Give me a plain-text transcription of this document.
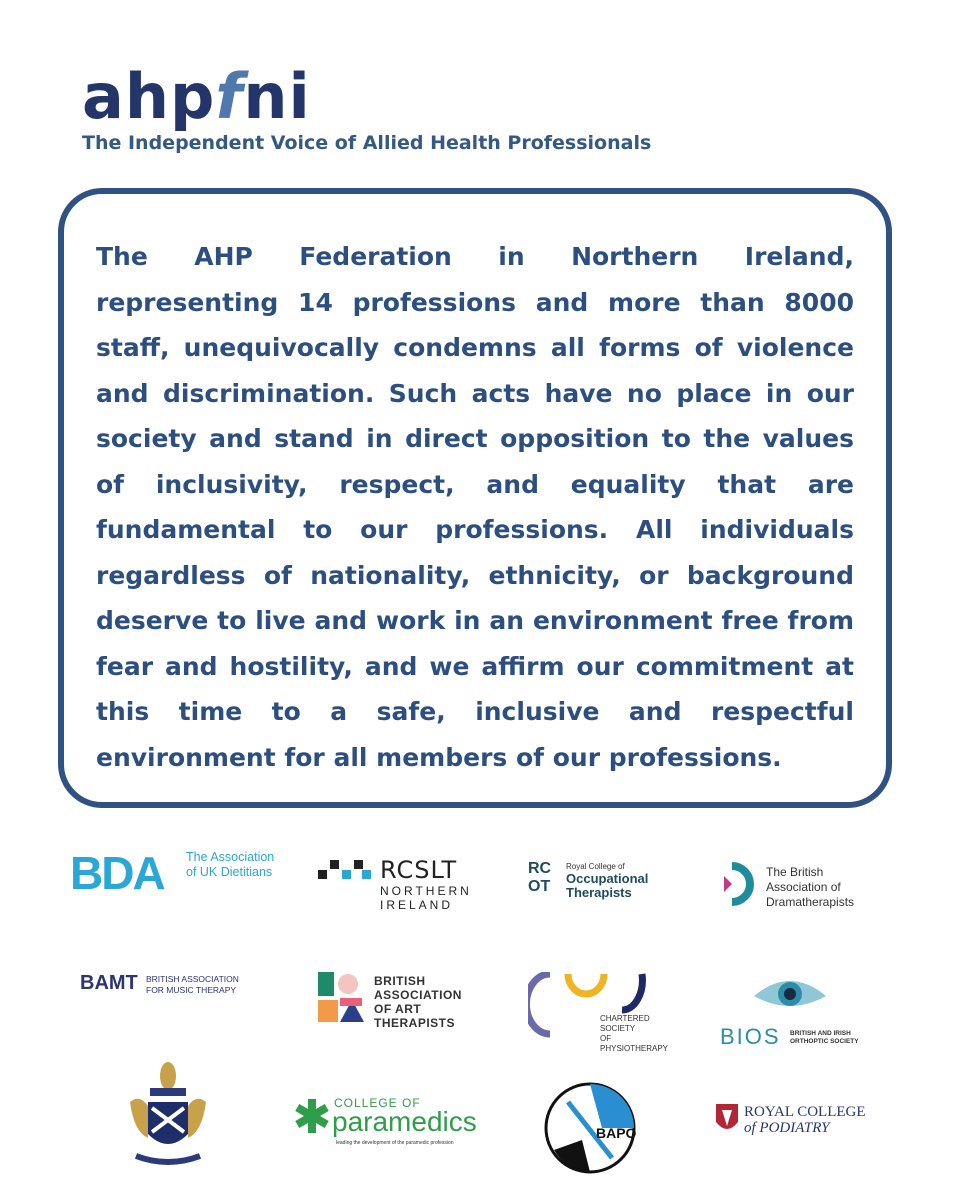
ahpfni
The Independent Voice of Allied Health Professionals

The AHP Federation in Northern Ireland, representing 14 professions and more than 8000 staff, unequivocally condemns all forms of violence and discrimination. Such acts have no place in our society and stand in direct opposition to the values of inclusivity, respect, and equality that are fundamental to our professions. All individuals regardless of nationality, ethnicity, or background deserve to live and work in an environment free from fear and hostility, and we affirm our commitment at this time to a safe, inclusive and respectful environment for all members of our professions.

BDA The Association
of UK Dietitians	RCSLT
NORTHERN
IRELAND
RC
OT
Royal College of
Occupational
Therapists
The British
Association of
Dramatherapists
BAMT BRITISH ASSOCIATION
FOR MUSIC THERAPY
BRITISH
ASSOCIATION
OF ART
THERAPISTS	CHARTERED
SOCIETY
OF
PHYSIOTHERAPY BIOS BRITISH AND IRISH
ORTHOPTIC SOCIETY
COLLEGE OF
paramedics
leading the development of the paramedic profession
BAPO
ROYAL COLLEGE
of PODIATRY
